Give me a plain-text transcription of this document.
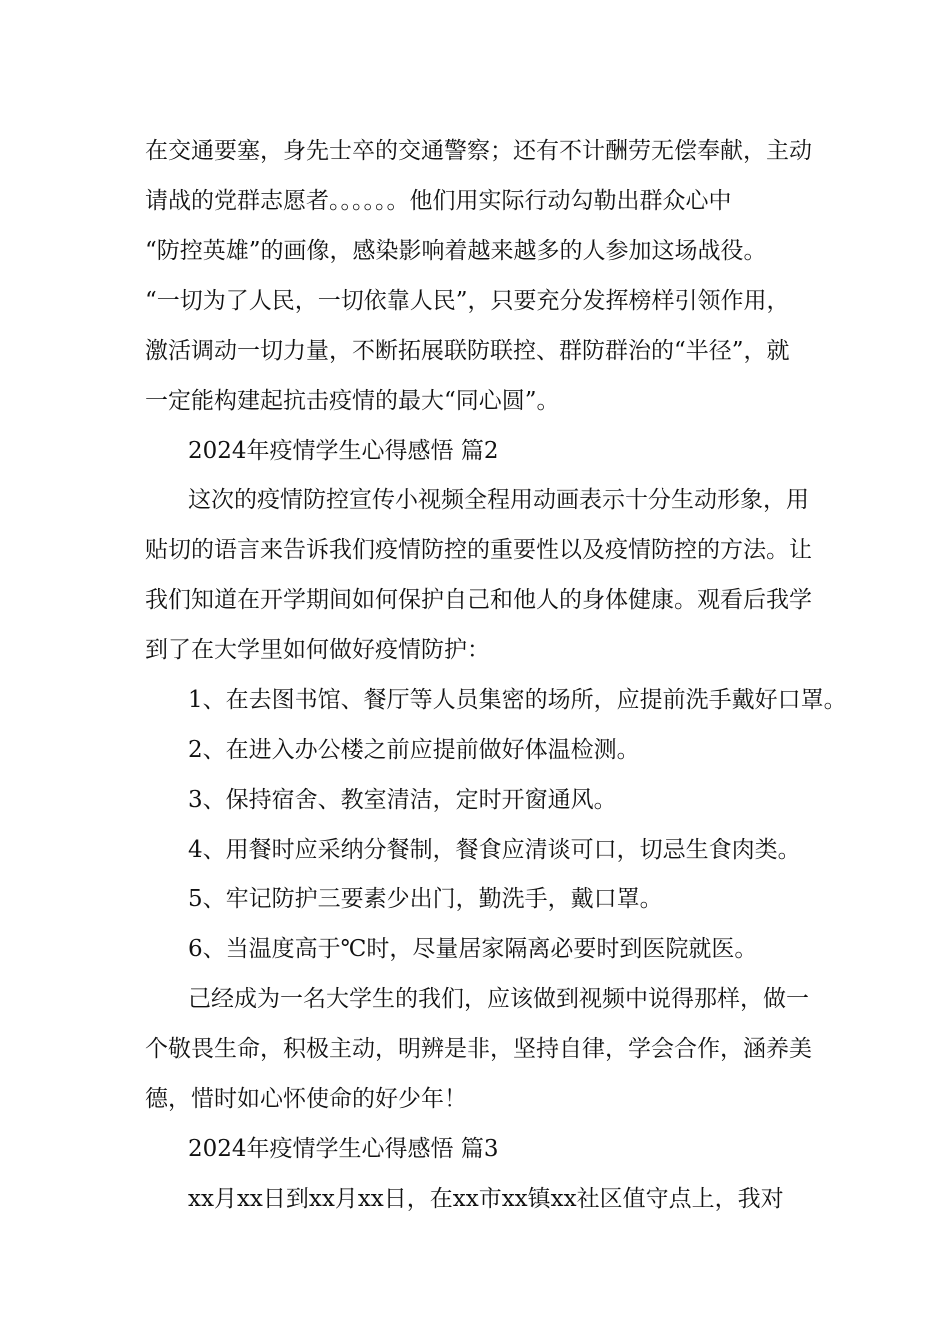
在交通要塞，身先士卒的交通警察；还有不计酬劳无偿奉献，主动
请战的党群志愿者。。。。。。他们用实际行动勾勒出群众心中
“防控英雄”的画像，感染影响着越来越多的人参加这场战役。
“一切为了人民，一切依靠人民”，只要充分发挥榜样引领作用，
激活调动一切力量，不断拓展联防联控、群防群治的“半径”，就
一定能构建起抗击疫情的最大“同心圆”。
2024年疫情学生心得感悟 篇2
这次的疫情防控宣传小视频全程用动画表示十分生动形象，用
贴切的语言来告诉我们疫情防控的重要性以及疫情防控的方法。让
我们知道在开学期间如何保护自己和他人的身体健康。观看后我学
到了在大学里如何做好疫情防护：
1、在去图书馆、餐厅等人员集密的场所，应提前洗手戴好口罩。
2、在进入办公楼之前应提前做好体温检测。
3、保持宿舍、教室清洁，定时开窗通风。
4、用餐时应采纳分餐制，餐食应清谈可口，切忌生食肉类。
5、牢记防护三要素少出门，勤洗手，戴口罩。
6、当温度高于℃时，尽量居家隔离必要时到医院就医。
己经成为一名大学生的我们，应该做到视频中说得那样，做一
个敬畏生命，积极主动，明辨是非，坚持自律，学会合作，涵养美
德，惜时如心怀使命的好少年！
2024年疫情学生心得感悟 篇3
xx月xx日到xx月xx日，在xx市xx镇xx社区值守点上，我对
